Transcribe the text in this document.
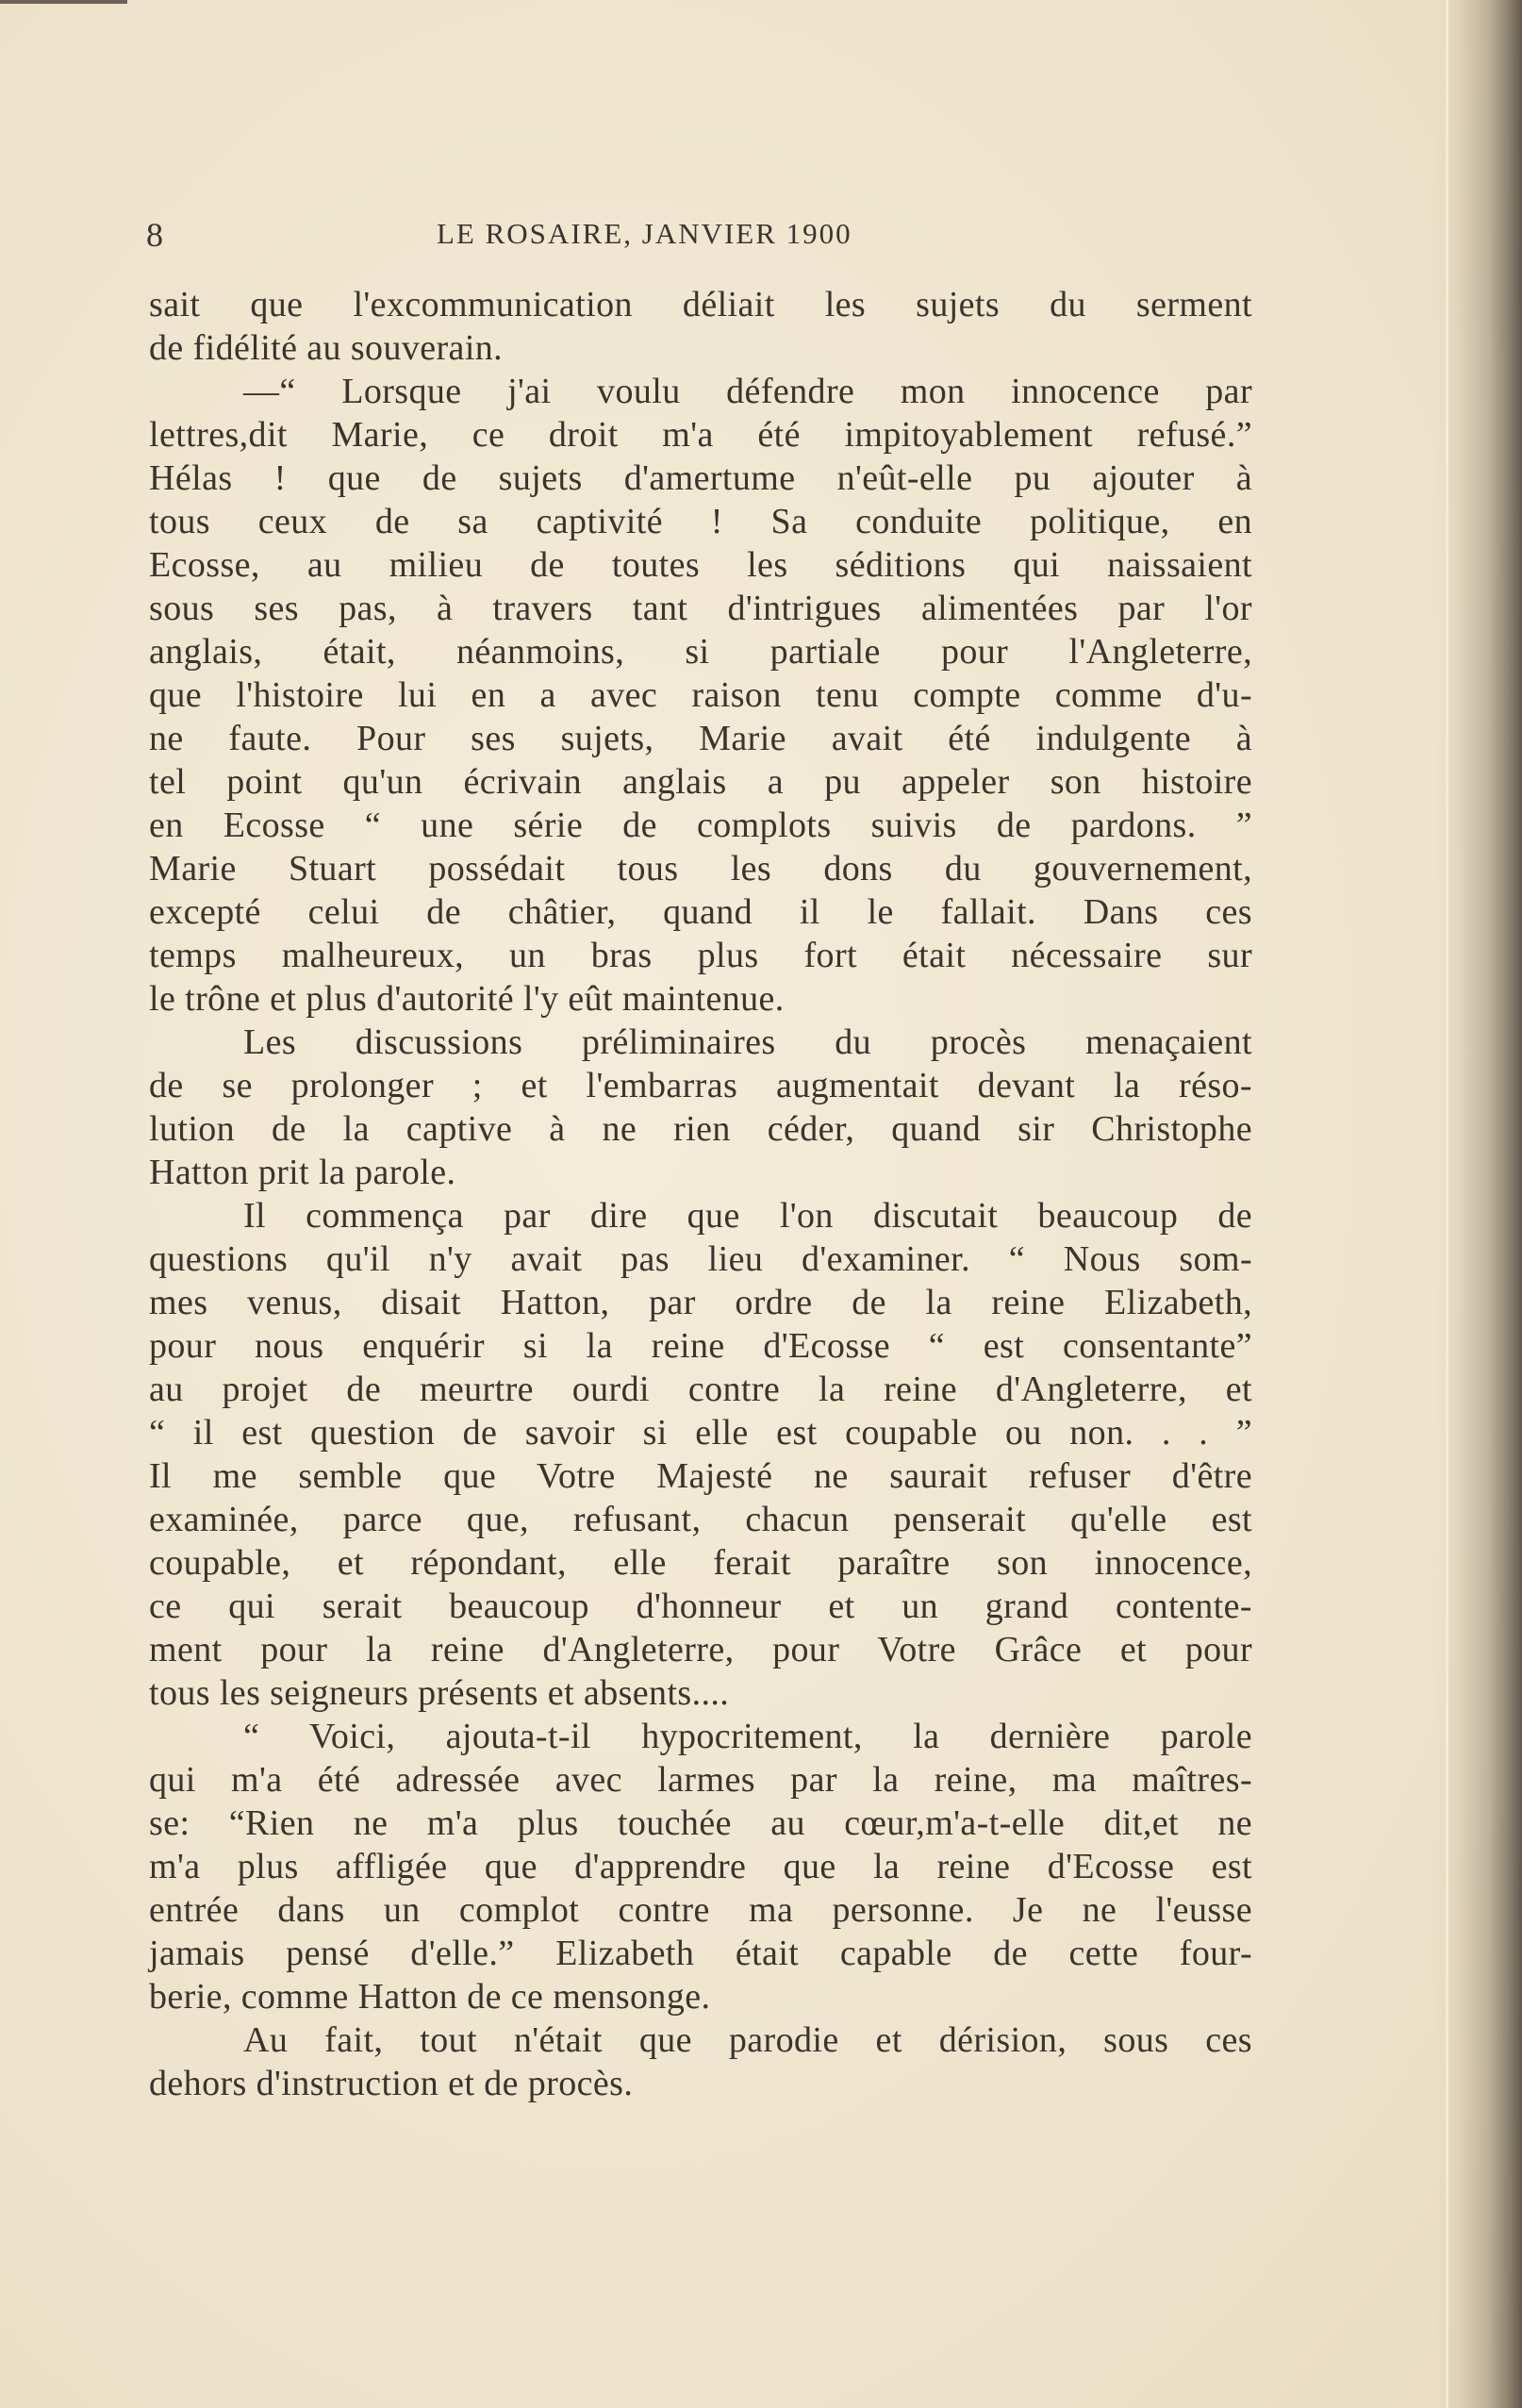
8	LE ROSAIRE, JANVIER 1900
sait que l'excommunication déliait les sujets du serment
de fidélité au souverain.
—“ Lorsque j'ai voulu défendre mon innocence par
lettres,dit Marie, ce droit m'a été impitoyablement refusé.”
Hélas ! que de sujets d'amertume n'eût-elle pu ajouter à
tous ceux de sa captivité ! Sa conduite politique, en
Ecosse, au milieu de toutes les séditions qui naissaient
sous ses pas, à travers tant d'intrigues alimentées par l'or
anglais, était, néanmoins, si partiale pour l'Angleterre,
que l'histoire lui en a avec raison tenu compte comme d'u-
ne faute. Pour ses sujets, Marie avait été indulgente à
tel point qu'un écrivain anglais a pu appeler son histoire
en Ecosse “ une série de complots suivis de pardons. ”
Marie Stuart possédait tous les dons du gouvernement,
excepté celui de châtier, quand il le fallait. Dans ces
temps malheureux, un bras plus fort était nécessaire sur
le trône et plus d'autorité l'y eût maintenue.
Les discussions préliminaires du procès menaçaient
de se prolonger ; et l'embarras augmentait devant la réso-
lution de la captive à ne rien céder, quand sir Christophe
Hatton prit la parole.
Il commença par dire que l'on discutait beaucoup de
questions qu'il n'y avait pas lieu d'examiner. “ Nous som-
mes venus, disait Hatton, par ordre de la reine Elizabeth,
pour nous enquérir si la reine d'Ecosse “ est consentante”
au projet de meurtre ourdi contre la reine d'Angleterre, et
“ il est question de savoir si elle est coupable ou non. . . ”
Il me semble que Votre Majesté ne saurait refuser d'être
examinée, parce que, refusant, chacun penserait qu'elle est
coupable, et répondant, elle ferait paraître son innocence,
ce qui serait beaucoup d'honneur et un grand contente-
ment pour la reine d'Angleterre, pour Votre Grâce et pour
tous les seigneurs présents et absents....
“ Voici, ajouta-t-il hypocritement, la dernière parole
qui m'a été adressée avec larmes par la reine, ma maîtres-
se: “Rien ne m'a plus touchée au cœur,m'a-t-elle dit,et ne
m'a plus affligée que d'apprendre que la reine d'Ecosse est
entrée dans un complot contre ma personne. Je ne l'eusse
jamais pensé d'elle.” Elizabeth était capable de cette four-
berie, comme Hatton de ce mensonge.
Au fait, tout n'était que parodie et dérision, sous ces
dehors d'instruction et de procès.
